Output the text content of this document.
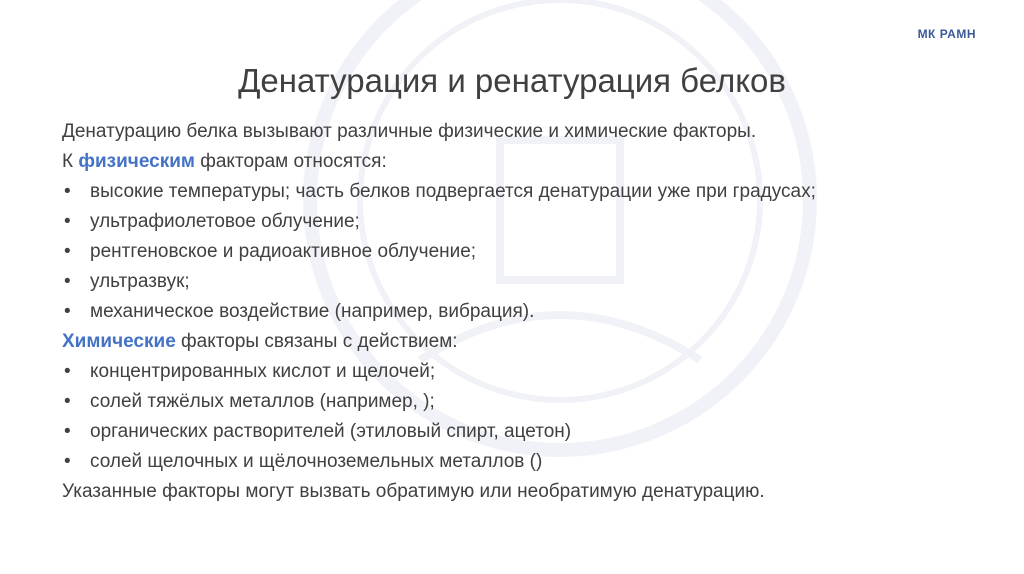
МК РАМН
Денатурация и ренатурация белков

Денатурацию белка вызывают различные физические и химические факторы.

К физическим факторам относятся:

• высокие температуры; часть белков подвергается денатурации уже при градусах;
• ультрафиолетовое облучение;
• рентгеновское и радиоактивное облучение;
• ультразвук;
• механическое воздействие (например, вибрация).

Химические факторы связаны с действием:

• концентрированных кислот и щелочей;
• солей тяжёлых металлов (например, );
• органических растворителей (этиловый спирт, ацетон)
• солей щелочных и щёлочноземельных металлов ()

Указанные факторы могут вызвать обратимую или необратимую денатурацию.
